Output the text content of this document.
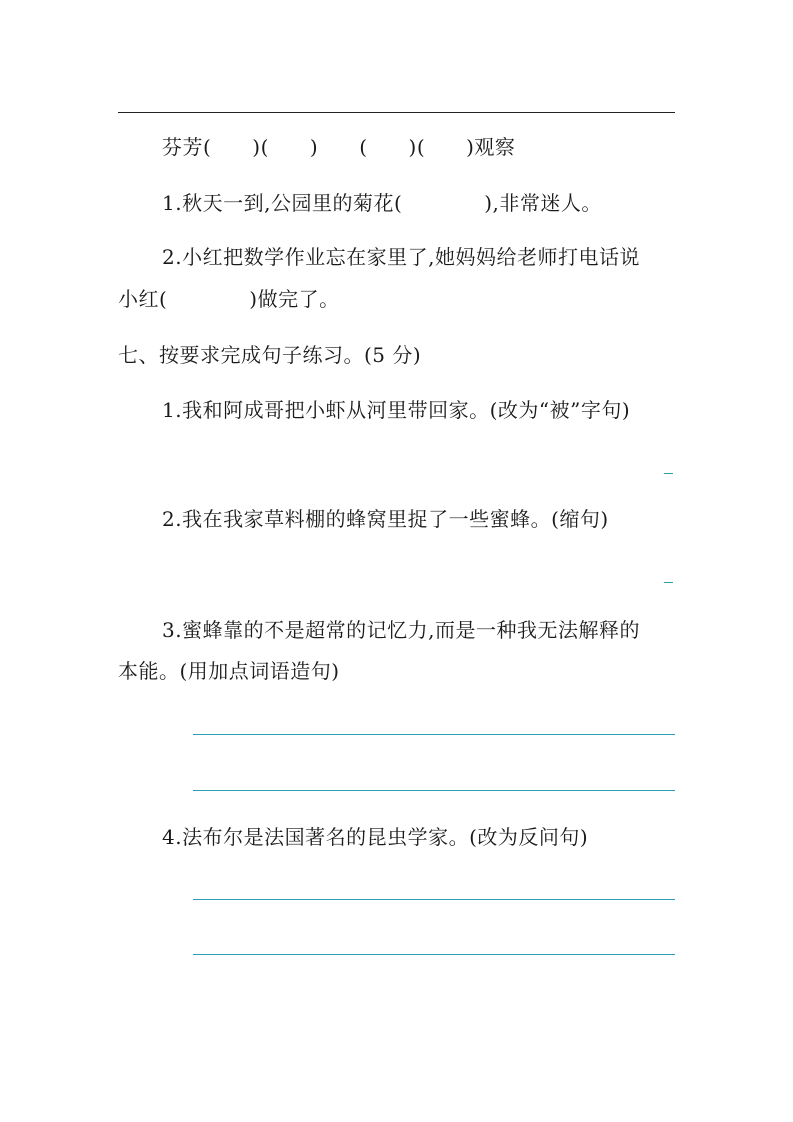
芬芳(　　)(　　)　　(　　)(　　)观察
1.秋天一到,公园里的菊花(　　　　),非常迷人。
2.小红把数学作业忘在家里了,她妈妈给老师打电话说
小红(　　　　)做完了。
七、按要求完成句子练习。(5 分)
1.我和阿成哥把小虾从河里带回家。(改为“被”字句)
2.我在我家草料棚的蜂窝里捉了一些蜜蜂。(缩句)
3.蜜蜂靠的不是超常的记忆力,而是一种我无法解释的
本能。(用加点词语造句)
4.法布尔是法国著名的昆虫学家。(改为反问句)
